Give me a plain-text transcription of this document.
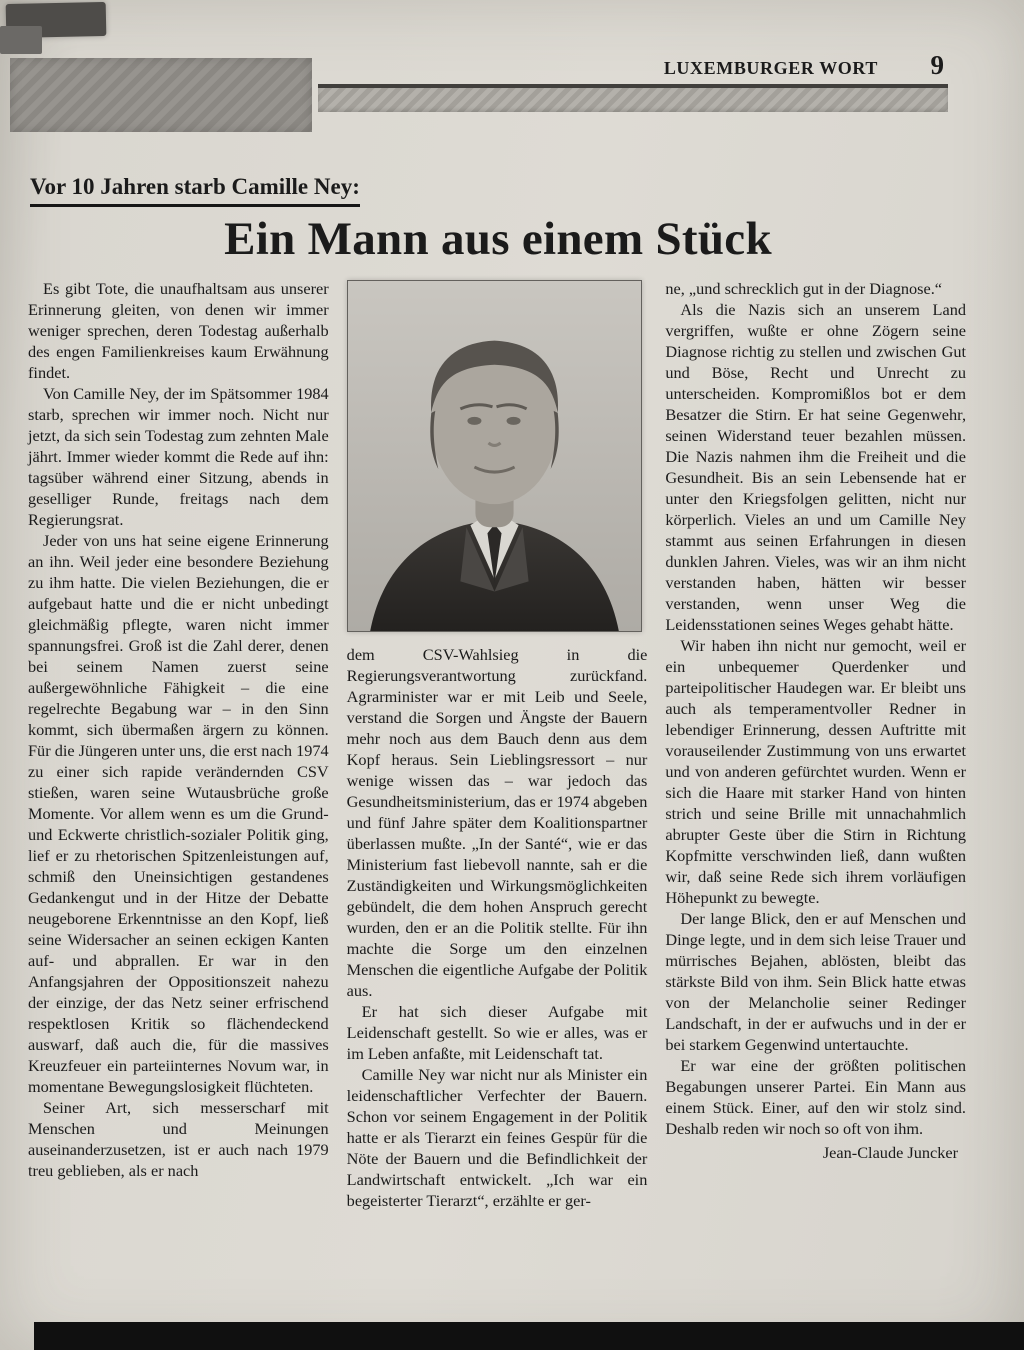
LUXEMBURGER WORT 9
Vor 10 Jahren starb Camille Ney:
Ein Mann aus einem Stück

Es gibt Tote, die unaufhaltsam aus unserer Erinnerung gleiten, von denen wir immer weniger sprechen, deren Todestag außerhalb des engen Familienkreises kaum Erwähnung findet.

Von Camille Ney, der im Spätsommer 1984 starb, sprechen wir immer noch. Nicht nur jetzt, da sich sein Todestag zum zehnten Male jährt. Immer wieder kommt die Rede auf ihn: tagsüber während einer Sitzung, abends in geselliger Runde, freitags nach dem Regierungsrat.

Jeder von uns hat seine eigene Erinnerung an ihn. Weil jeder eine besondere Beziehung zu ihm hatte. Die vielen Beziehungen, die er aufgebaut hatte und die er nicht unbedingt gleichmäßig pflegte, waren nicht immer spannungsfrei. Groß ist die Zahl derer, denen bei seinem Namen zuerst seine außergewöhnliche Fähigkeit – die eine regelrechte Begabung war – in den Sinn kommt, sich übermaßen ärgern zu können. Für die Jüngeren unter uns, die erst nach 1974 zu einer sich rapide verändernden CSV stießen, waren seine Wutausbrüche große Momente. Vor allem wenn es um die Grund- und Eckwerte christlich-sozialer Politik ging, lief er zu rhetorischen Spitzenleistungen auf, schmiß den Uneinsichtigen gestandenes Gedankengut und in der Hitze der Debatte neugeborene Erkenntnisse an den Kopf, ließ seine Widersacher an seinen eckigen Kanten auf- und abprallen. Er war in den Anfangsjahren der Oppositionszeit nahezu der einzige, der das Netz seiner erfrischend respektlosen Kritik so flächendeckend auswarf, daß auch die, für die massives Kreuzfeuer ein parteiinternes Novum war, in momentane Bewegungslosigkeit flüchteten.

Seiner Art, sich messerscharf mit Menschen und Meinungen auseinanderzusetzen, ist er auch nach 1979 treu geblieben, als er nach

dem CSV-Wahlsieg in die Regierungsverantwortung zurückfand. Agrarminister war er mit Leib und Seele, verstand die Sorgen und Ängste der Bauern mehr noch aus dem Bauch denn aus dem Kopf heraus. Sein Lieblingsressort – nur wenige wissen das – war jedoch das Gesundheitsministerium, das er 1974 abgeben und fünf Jahre später dem Koalitionspartner überlassen mußte. „In der Santé“, wie er das Ministerium fast liebevoll nannte, sah er die Zuständigkeiten und Wirkungsmöglichkeiten gebündelt, die dem hohen Anspruch gerecht wurden, den er an die Politik stellte. Für ihn machte die Sorge um den einzelnen Menschen die eigentliche Aufgabe der Politik aus.

Er hat sich dieser Aufgabe mit Leidenschaft gestellt. So wie er alles, was er im Leben anfaßte, mit Leidenschaft tat.

Camille Ney war nicht nur als Minister ein leidenschaftlicher Verfechter der Bauern. Schon vor seinem Engagement in der Politik hatte er als Tierarzt ein feines Gespür für die Nöte der Bauern und die Befindlichkeit der Landwirtschaft entwickelt. „Ich war ein begeisterter Tierarzt“, erzählte er ger-

ne, „und schrecklich gut in der Diagnose.“

Als die Nazis sich an unserem Land vergriffen, wußte er ohne Zögern seine Diagnose richtig zu stellen und zwischen Gut und Böse, Recht und Unrecht zu unterscheiden. Kompromißlos bot er dem Besatzer die Stirn. Er hat seine Gegenwehr, seinen Widerstand teuer bezahlen müssen. Die Nazis nahmen ihm die Freiheit und die Gesundheit. Bis an sein Lebensende hat er unter den Kriegsfolgen gelitten, nicht nur körperlich. Vieles an und um Camille Ney stammt aus seinen Erfahrungen in diesen dunklen Jahren. Vieles, was wir an ihm nicht verstanden haben, hätten wir besser verstanden, wenn unser Weg die Leidensstationen seines Weges gehabt hätte.

Wir haben ihn nicht nur gemocht, weil er ein unbequemer Querdenker und parteipolitischer Haudegen war. Er bleibt uns auch als temperamentvoller Redner in lebendiger Erinnerung, dessen Auftritte mit vorauseilender Zustimmung von uns erwartet und von anderen gefürchtet wurden. Wenn er sich die Haare mit starker Hand von hinten strich und seine Brille mit unnachahmlich abrupter Geste über die Stirn in Richtung Kopfmitte verschwinden ließ, dann wußten wir, daß seine Rede sich ihrem vorläufigen Höhepunkt zu bewegte.

Der lange Blick, den er auf Menschen und Dinge legte, und in dem sich leise Trauer und mürrisches Bejahen, ablösten, bleibt das stärkste Bild von ihm. Sein Blick hatte etwas von der Melancholie seiner Redinger Landschaft, in der er aufwuchs und in der er bei starkem Gegenwind untertauchte.

Er war eine der größten politischen Begabungen unserer Partei. Ein Mann aus einem Stück. Einer, auf den wir stolz sind. Deshalb reden wir noch so oft von ihm.

Jean-Claude Juncker
